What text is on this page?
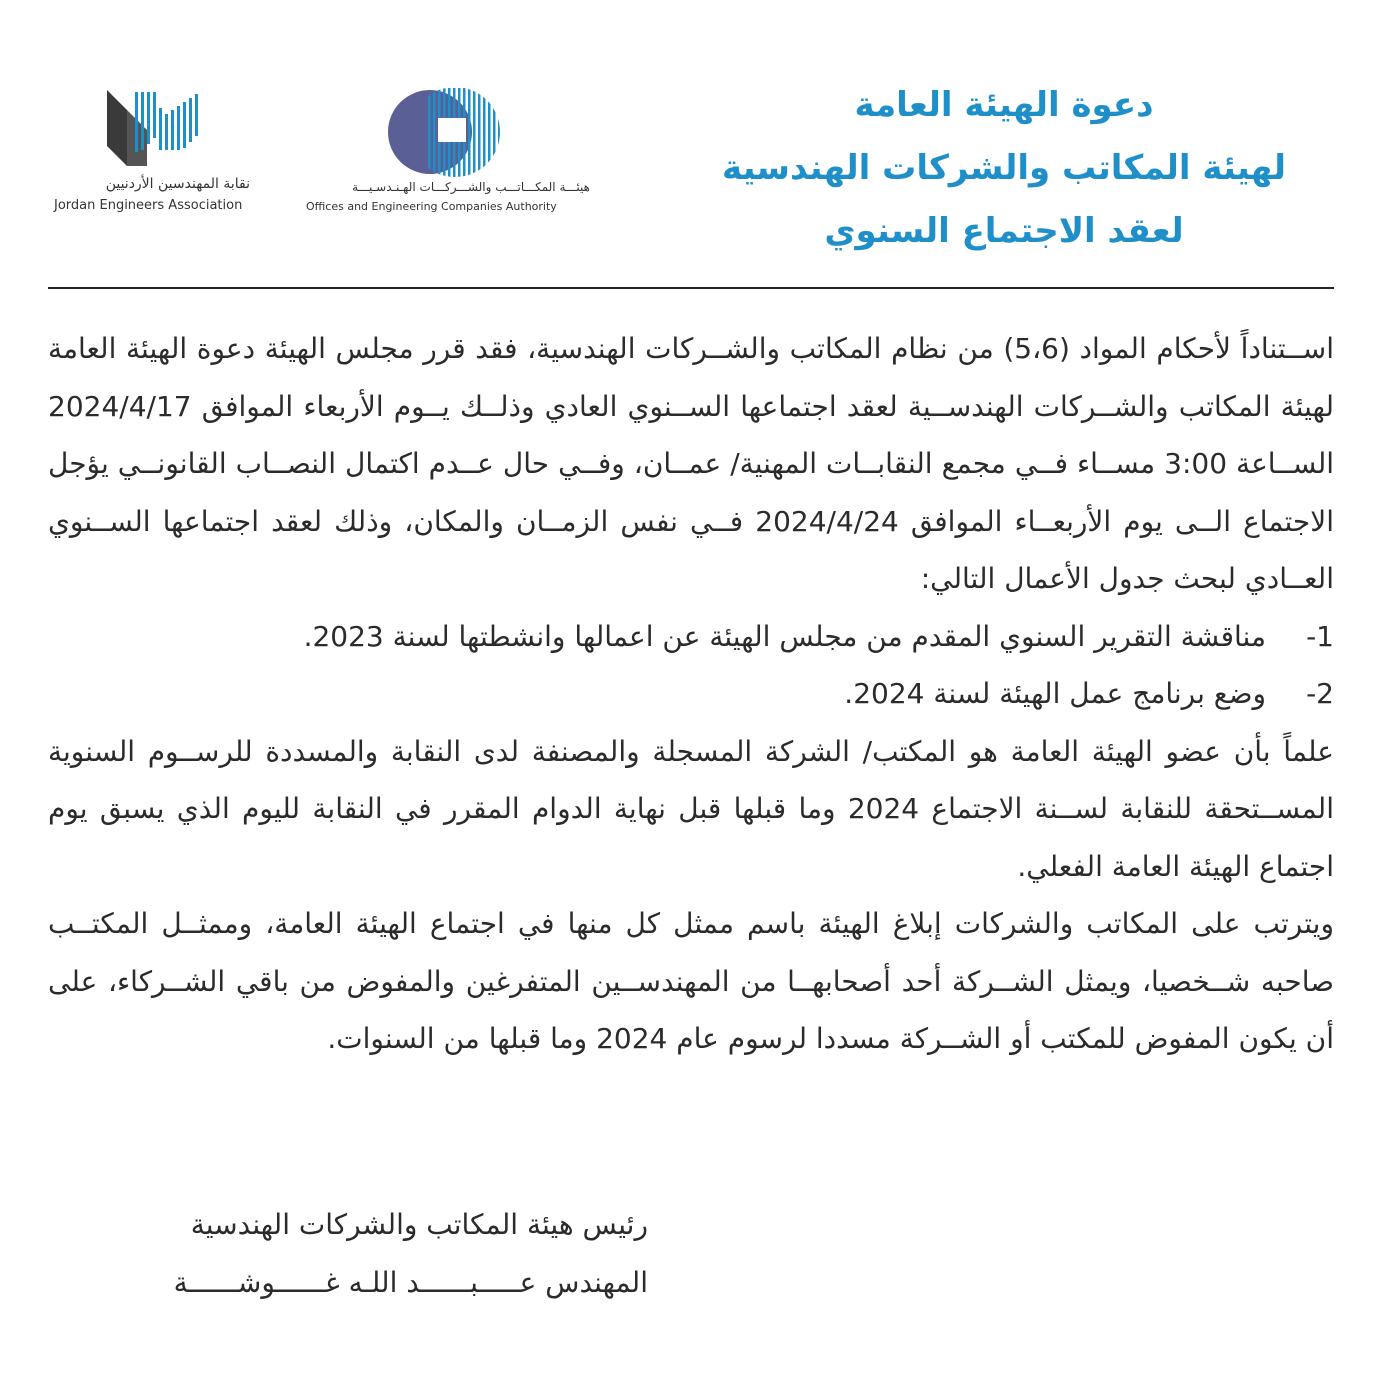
دعوة الهيئة العامة
لهيئة المكاتب والشركات الهندسية
لعقد الاجتماع السنوي
نقابة المهندسين الأردنيين
Jordan Engineers Association
هيئـــة المكـــاتـــب والشـــركـــات الهـنـدسـيـــة
Offices and Engineering Companies Authority

اســتناداً لأحكام المواد (5،6) من نظام المكاتب والشــركات الهندسية، فقد قرر مجلس الهيئة دعوة الهيئة العامة لهيئة المكاتب والشــركات الهندســية لعقد اجتماعها الســنوي العادي وذلــك يــوم الأربعاء الموافق 2024/4/17 الســاعة 3:00 مســاء فــي مجمع النقابــات المهنية/ عمــان، وفــي حال عــدم اكتمال النصــاب القانونــي يؤجل الاجتماع الــى يوم الأربعــاء الموافق 2024/4/24 فــي نفس الزمــان والمكان، وذلك لعقد اجتماعها الســنوي العــادي لبحث جدول الأعمال التالي:

1-
مناقشة التقرير السنوي المقدم من مجلس الهيئة عن اعمالها وانشطتها لسنة 2023.
2-
وضع برنامج عمل الهيئة لسنة 2024.

علماً بأن عضو الهيئة العامة هو المكتب/ الشركة المسجلة والمصنفة لدى النقابة والمسددة للرســوم السنوية المســتحقة للنقابة لســنة الاجتماع 2024 وما قبلها قبل نهاية الدوام المقرر في النقابة لليوم الذي يسبق يوم اجتماع الهيئة العامة الفعلي.

ويترتب على المكاتب والشركات إبلاغ الهيئة باسم ممثل كل منها في اجتماع الهيئة العامة، وممثــل المكتــب صاحبه شــخصيا، ويمثل الشــركة أحد أصحابهــا من المهندســين المتفرغين والمفوض من باقي الشــركاء، على أن يكون المفوض للمكتب أو الشــركة مسددا لرسوم عام 2024 وما قبلها من السنوات.

رئيس هيئة المكاتب والشركات الهندسية
المهندس عـــــبــــــد اللـه غــــــوشــــــة
